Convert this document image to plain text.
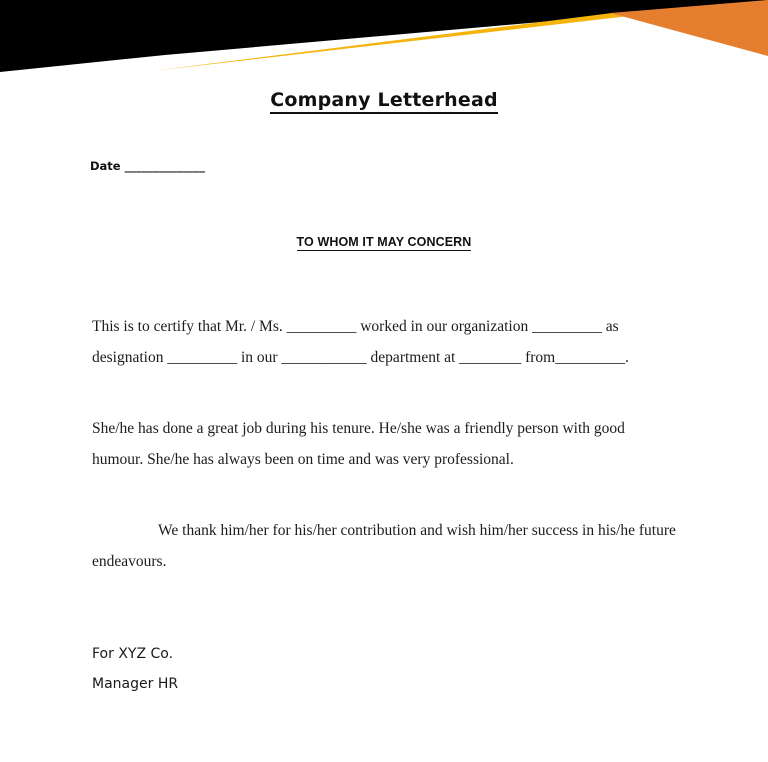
Company Letterhead

Date ______________

TO WHOM IT MAY CONCERN

This is to certify that Mr. / Ms. _________ worked in our organization _________ as designation _________ in our ___________ department at ________ from_________.

She/he has done a great job during his tenure. He/she was a friendly person with good humour. She/he has always been on time and was very professional.

We thank him/her for his/her contribution and wish him/her success in his/he future endeavours.

For XYZ Co.
Manager HR
